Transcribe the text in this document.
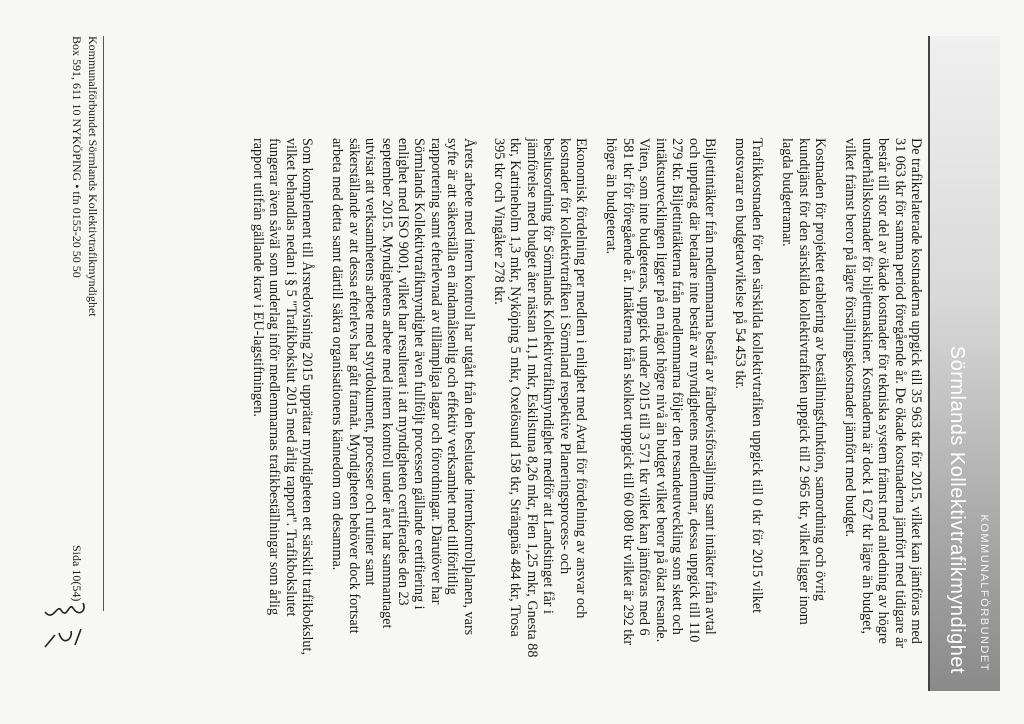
KOMMUNALFÖRBUNDET
Sörmlands Kollektivtrafikmyndighet

De trafikrelaterade kostnaderna uppgick till 35 963 tkr för 2015, vilket kan jämföras med 31 063 tkr för samma period föregående år. De ökade kostnaderna jämfört med tidigare år består till stor del av ökade kostnader för tekniska system främst med anledning av högre underhållskostnader för biljettmaskiner. Kostnaderna är dock 1 627 tkr lägre än budget, vilket främst beror på lägre försäljningskostnader jämfört med budget.

Kostnaden för projektet etablering av beställningsfunktion, samordning och övrig kundtjänst för den särskilda kollektivtrafiken uppgick till 2 965 tkr, vilket ligger inom lagda budgetramar.

Trafikkostnaden för den särskilda kollektivtrafiken uppgick till 0 tkr för 2015 vilket motsvarar en budgetavvikelse på 54 453 tkr.

Biljettintäkter från medlemmarna består av färdbevisförsäljning samt intäkter från avtal och uppdrag där betalare inte består av myndighetens medlemmar, dessa uppgick till 110 279 tkr. Biljettintäkterna från medlemmarna följer den resandeutveckling som skett och intäktsutvecklingen ligger på en något högre nivå än budget vilket beror på ökat resande. Viten, som inte budgeteras, uppgick under 2015 till 3 571 tkr vilket kan jämföras med 6 581 tkr för föregående år. Intäkterna från skolkort uppgick till 60 080 tkr vilket är 292 tkr högre än budgeterat.

Ekonomisk fördelning per medlem i enlighet med Avtal för fördelning av ansvar och kostnader för kollektivtrafiken i Sörmland respektive Planeringsprocess- och beslutsordning för Sörmlands Kollektivtrafikmyndighet medför att Landstinget får i jämförelse med budget åter nästan 11,1 mkr, Eskilstuna 8,26 mkr, Flen 1,25 mkr, Gnesta 88 tkr, Katrineholm 1,3 mkr, Nyköping 5 mkr, Oxelösund 158 tkr, Strängnäs 484 tkr, Trosa 395 tkr och Vingåker 278 tkr.

Årets arbete med intern kontroll har utgått från den beslutade internkontrollplanen, vars syfte är att säkerställa en ändamålsenlig och effektiv verksamhet med tillförlitlig rapportering samt efterlevnad av tillämpliga lagar och förordningar. Därutöver har Sörmlands Kollektivtrafikmyndighet även fullföljt processen gällande certifiering i enlighet med ISO 9001, vilket har resulterat i att myndigheten certifierades den 23 september 2015. Myndighetens arbete med intern kontroll under året har sammantaget utvisat att verksamhetens arbete med styrdokument, processer och rutiner samt säkerställande av att dessa efterlevs har gått framåt. Myndigheten behöver dock fortsatt arbeta med detta samt därtill säkra organisationens kännedom om desamma.

Som komplement till Årsredovisning 2015 upprättar myndigheten ett särskilt trafikbokslut, vilket behandlas nedan i § 5 "Trafikbokslut 2015 med årlig rapport". Trafikbokslutet fungerar även såväl som underlag inför medlemmarnas trafikbeställningar som årlig rapport utifrån gällande krav i EU-lagstiftningen.

Kommunalförbundet Sörmlands Kollektivtrafikmyndighet
Box 591, 611 10 NYKÖPING • tfn 0155-20 50 50
Sida 10(54)
